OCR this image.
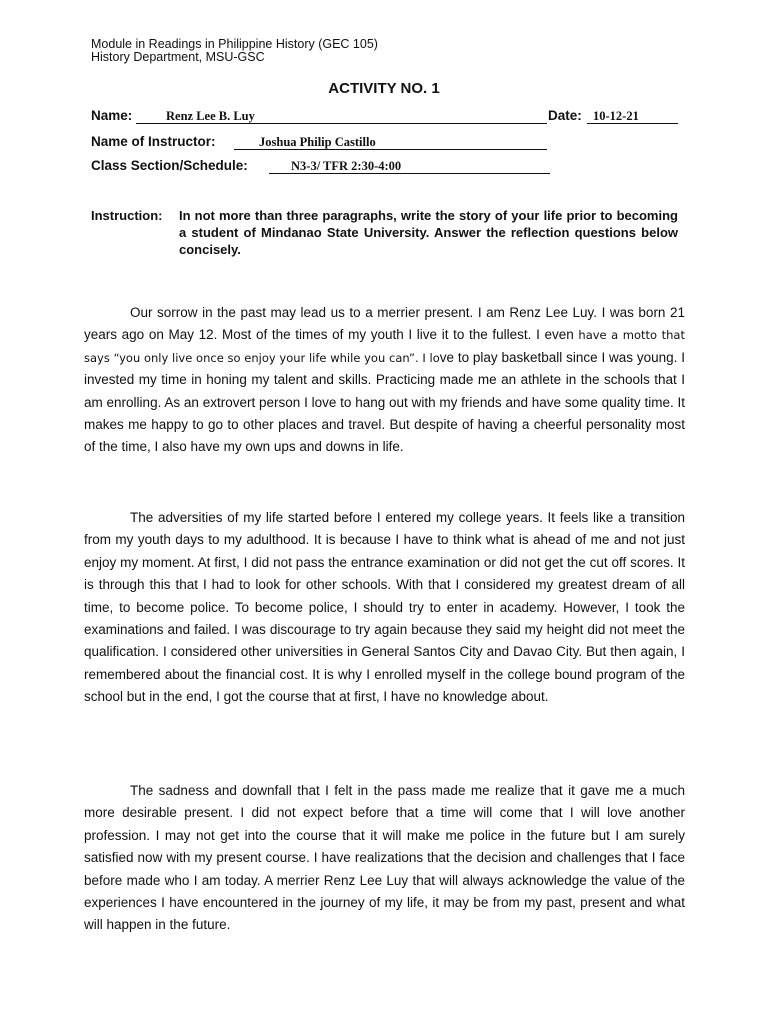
Module in Readings in Philippine History (GEC 105)
History Department, MSU-GSC
ACTIVITY NO. 1
Name:	Renz Lee B. Luy	Date: 10-12-21
Name of Instructor:	Joshua Philip Castillo
Class Section/Schedule:	N3-3/ TFR 2:30-4:00
Instruction: In not more than three paragraphs, write the story of your life prior to becoming a student of Mindanao State University. Answer the reflection questions below concisely.
Our sorrow in the past may lead us to a merrier present. I am Renz Lee Luy. I was born 21 years ago on May 12. Most of the times of my youth I live it to the fullest. I even have a motto that says “you only live once so enjoy your life while you can”. I love to play basketball since I was young. I invested my time in honing my talent and skills. Practicing made me an athlete in the schools that I am enrolling. As an extrovert person I love to hang out with my friends and have some quality time. It makes me happy to go to other places and travel. But despite of having a cheerful personality most of the time, I also have my own ups and downs in life.
The adversities of my life started before I entered my college years. It feels like a transition from my youth days to my adulthood. It is because I have to think what is ahead of me and not just enjoy my moment. At first, I did not pass the entrance examination or did not get the cut off scores. It is through this that I had to look for other schools. With that I considered my greatest dream of all time, to become police. To become police, I should try to enter in academy. However, I took the examinations and failed. I was discourage to try again because they said my height did not meet the qualification. I considered other universities in General Santos City and Davao City. But then again, I remembered about the financial cost. It is why I enrolled myself in the college bound program of the school but in the end, I got the course that at first, I have no knowledge about.
The sadness and downfall that I felt in the pass made me realize that it gave me a much more desirable present. I did not expect before that a time will come that I will love another profession. I may not get into the course that it will make me police in the future but I am surely satisfied now with my present course. I have realizations that the decision and challenges that I face before made who I am today. A merrier Renz Lee Luy that will always acknowledge the value of the experiences I have encountered in the journey of my life, it may be from my past, present and what will happen in the future.
